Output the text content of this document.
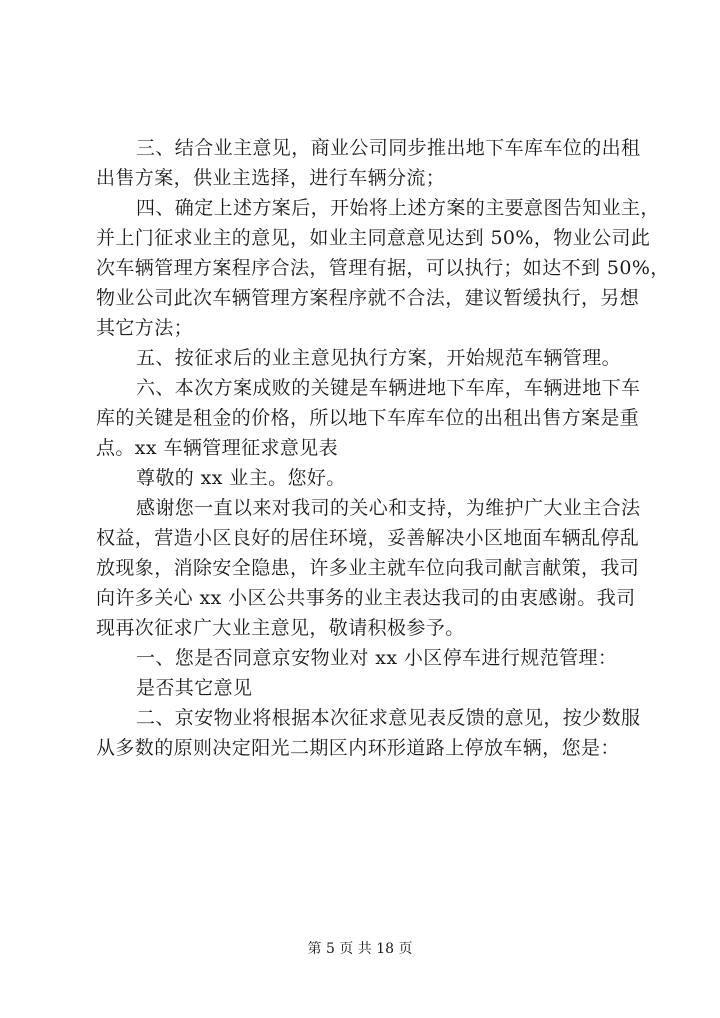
三、结合业主意见，商业公司同步推出地下车库车位的出租
出售方案，供业主选择，进行车辆分流；
四、确定上述方案后，开始将上述方案的主要意图告知业主，
并上门征求业主的意见，如业主同意意见达到 50%，物业公司此
次车辆管理方案程序合法，管理有据，可以执行；如达不到 50%，
物业公司此次车辆管理方案程序就不合法，建议暂缓执行，另想
其它方法；
五、按征求后的业主意见执行方案，开始规范车辆管理。
六、本次方案成败的关键是车辆进地下车库，车辆进地下车
库的关键是租金的价格，所以地下车库车位的出租出售方案是重
点。xx 车辆管理征求意见表
尊敬的 xx 业主。您好。
感谢您一直以来对我司的关心和支持，为维护广大业主合法
权益，营造小区良好的居住环境，妥善解决小区地面车辆乱停乱
放现象，消除安全隐患，许多业主就车位向我司献言献策，我司
向许多关心 xx 小区公共事务的业主表达我司的由衷感谢。我司
现再次征求广大业主意见，敬请积极参予。
一、您是否同意京安物业对 xx 小区停车进行规范管理：
是否其它意见
二、京安物业将根据本次征求意见表反馈的意见，按少数服
从多数的原则决定阳光二期区内环形道路上停放车辆，您是：
第 5 页 共 18 页
